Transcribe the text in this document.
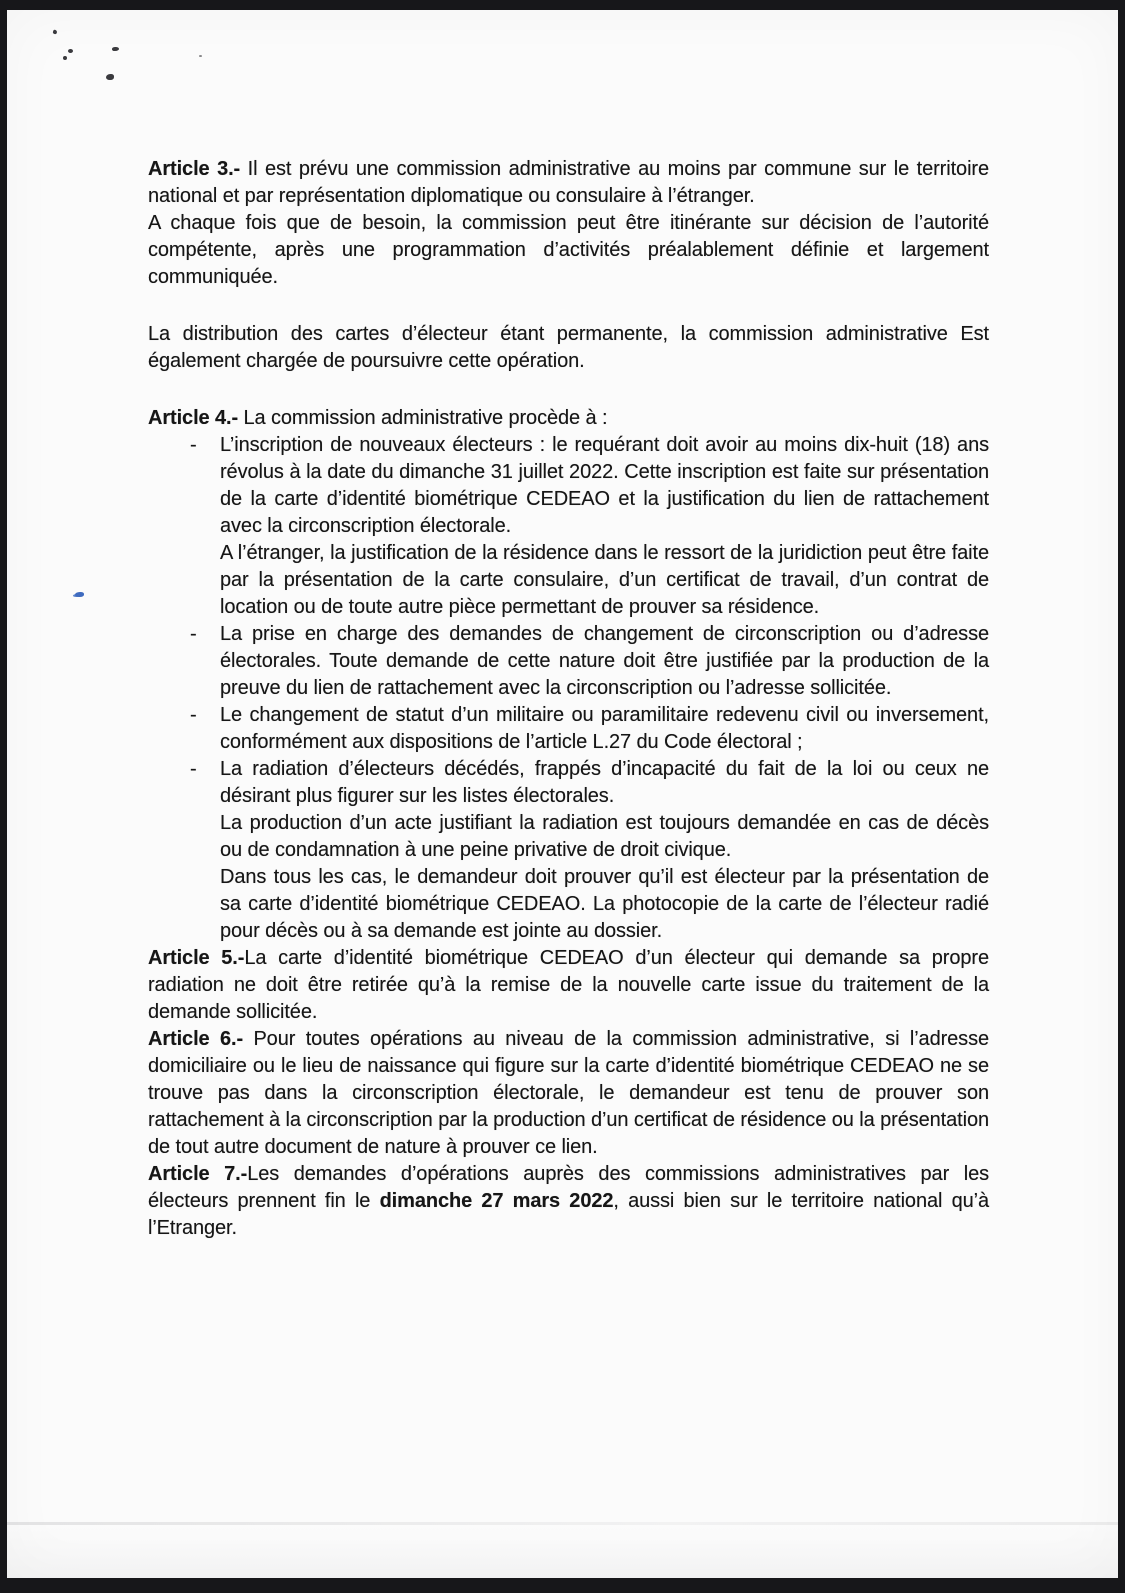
Article 3.- Il est prévu une commission administrative au moins par commune sur le territoire national et par représentation diplomatique ou consulaire à l’étranger.

A chaque fois que de besoin, la commission peut être itinérante sur décision de l’autorité compétente, après une programmation d’activités préalablement définie et largement communiquée.

La distribution des cartes d’électeur étant permanente, la commission administrative Est également chargée de poursuivre cette opération.

Article 4.- La commission administrative procède à :

- L’inscription de nouveaux électeurs : le requérant doit avoir au moins dix-huit (18) ans révolus à la date du dimanche 31 juillet 2022. Cette inscription est faite sur présentation de la carte d’identité biométrique CEDEAO et la justification du lien de rattachement avec la circonscription électorale.

A l’étranger, la justification de la résidence dans le ressort de la juridiction peut être faite par la présentation de la carte consulaire, d’un certificat de travail, d’un contrat de location ou de toute autre pièce permettant de prouver sa résidence.

- La prise en charge des demandes de changement de circonscription ou d’adresse électorales. Toute demande de cette nature doit être justifiée par la production de la preuve du lien de rattachement avec la circonscription ou l’adresse sollicitée.

- Le changement de statut d’un militaire ou paramilitaire redevenu civil ou inversement, conformément aux dispositions de l’article L.27 du Code électoral ;

- La radiation d’électeurs décédés, frappés d’incapacité du fait de la loi ou ceux ne désirant plus figurer sur les listes électorales.

La production d’un acte justifiant la radiation est toujours demandée en cas de décès ou de condamnation à une peine privative de droit civique.

Dans tous les cas, le demandeur doit prouver qu’il est électeur par la présentation de sa carte d’identité biométrique CEDEAO. La photocopie de la carte de l’électeur radié pour décès ou à sa demande est jointe au dossier.

Article 5.-La carte d’identité biométrique CEDEAO d’un électeur qui demande sa propre radiation ne doit être retirée qu’à la remise de la nouvelle carte issue du traitement de la demande sollicitée.

Article 6.- Pour toutes opérations au niveau de la commission administrative, si l’adresse domiciliaire ou le lieu de naissance qui figure sur la carte d’identité biométrique CEDEAO ne se trouve pas dans la circonscription électorale, le demandeur est tenu de prouver son rattachement à la circonscription par la production d’un certificat de résidence ou la présentation de tout autre document de nature à prouver ce lien.

Article 7.-Les demandes d’opérations auprès des commissions administratives par les électeurs prennent fin le dimanche 27 mars 2022, aussi bien sur le territoire national qu’à l’Etranger.
